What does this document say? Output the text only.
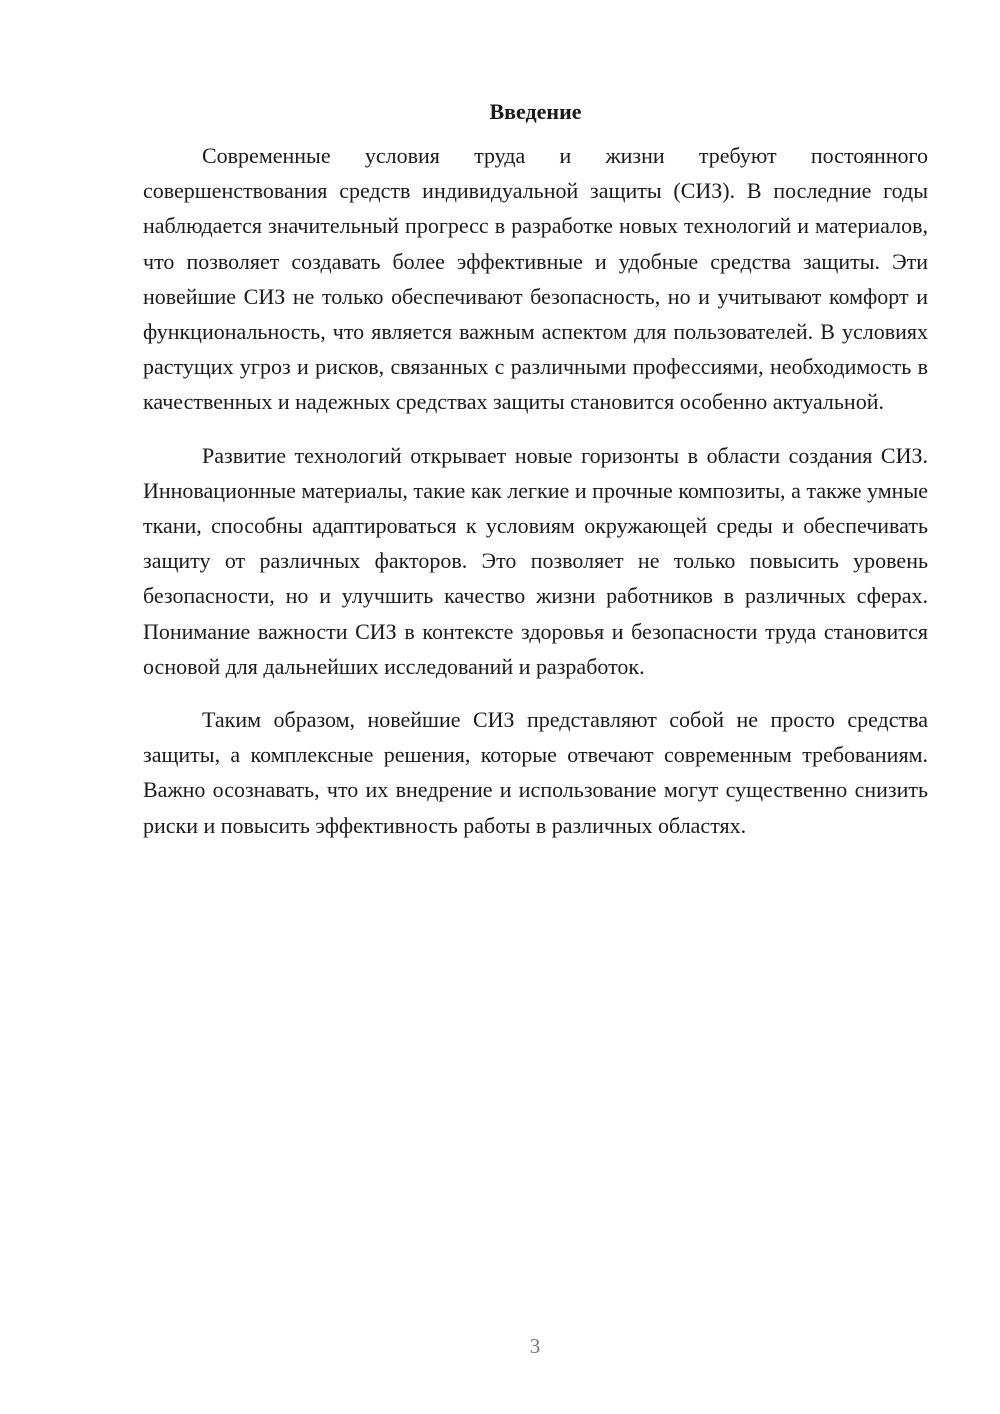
Введение

Современные условия труда и жизни требуют постоянного совершенствования средств индивидуальной защиты (СИЗ). В последние годы наблюдается значительный прогресс в разработке новых технологий и материалов, что позволяет создавать более эффективные и удобные средства защиты. Эти новейшие СИЗ не только обеспечивают безопасность, но и учитывают комфорт и функциональность, что является важным аспектом для пользователей. В условиях растущих угроз и рисков, связанных с различными профессиями, необходимость в качественных и надежных средствах защиты становится особенно актуальной.

Развитие технологий открывает новые горизонты в области создания СИЗ. Инновационные материалы, такие как легкие и прочные композиты, а также умные ткани, способны адаптироваться к условиям окружающей среды и обеспечивать защиту от различных факторов. Это позволяет не только повысить уровень безопасности, но и улучшить качество жизни работников в различных сферах. Понимание важности СИЗ в контексте здоровья и безопасности труда становится основой для дальнейших исследований и разработок.

Таким образом, новейшие СИЗ представляют собой не просто средства защиты, а комплексные решения, которые отвечают современным требованиям. Важно осознавать, что их внедрение и использование могут существенно снизить риски и повысить эффективность работы в различных областях.

3
